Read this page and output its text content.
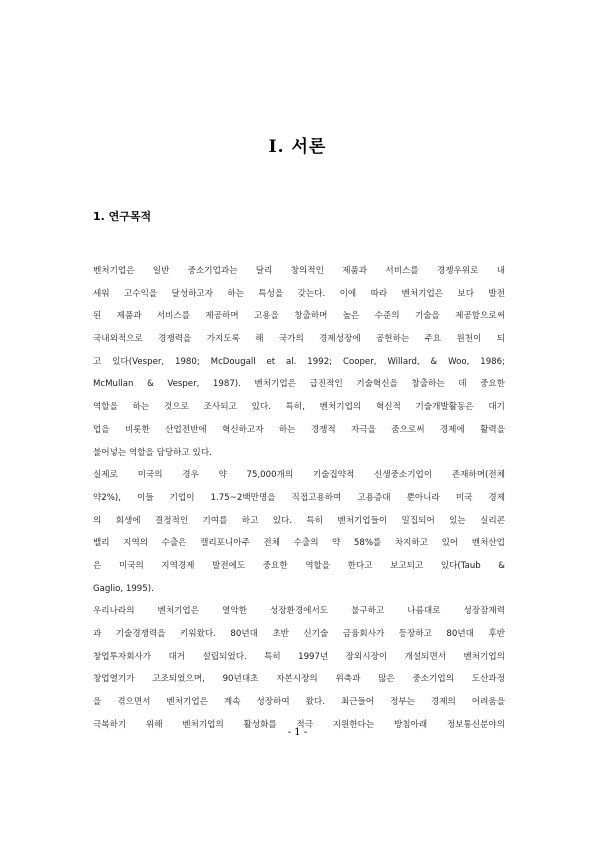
I. 서론
1. 연구목적
벤처기업은 일반 중소기업과는 달리 창의적인 제품과 서비스를 경쟁우위로 내
세워 고수익을 달성하고자 하는 특성을 갖는다. 이에 따라 벤처기업은 보다 발전
된 제품과 서비스를 제공하며 고용을 창출하며 높은 수준의 기술을 제공함으로써
국내외적으로 경쟁력을 가지도록 해 국가의 경제성장에 공헌하는 주요 원천이 되
고 있다(Vesper, 1980; McDougall et al. 1992; Cooper, Willard, & Woo, 1986;
McMullan & Vesper, 1987). 벤처기업은 급진적인 기술혁신을 창출하는 데 중요한
역할을 하는 것으로 조사되고 있다. 특히, 벤처기업의 혁신적 기술개발활동은 대기
업을 비롯한 산업전반에 혁신하고자 하는 경쟁적 자극을 줌으로써 경제에 활력을
불어넣는 역할을 담당하고 있다.
실제로 미국의 경우 약 75,000개의 기술집약적 신생중소기업이 존재하며(전체
약2%), 이들 기업이 1.75~2백만명을 직접고용하여 고용증대 뿐아니라 미국 경제
의 회생에 결정적인 기여를 하고 있다. 특히 벤처기업들이 밀집되어 있는 실리콘
밸리 지역의 수출은 캘리포니아주 전체 수출의 약 58%를 차지하고 있어 벤처산업
은 미국의 지역경제 발전에도 중요한 역할을 한다고 보고되고 있다(Taub &
Gaglio, 1995).
우리나라의 벤처기업은 열악한 성장환경에서도 불구하고 나름대로 성장잠재력
과 기술경쟁력을 키워왔다. 80년대 초반 신기술 금융회사가 등장하고 80년대 후반
창업투자회사가 대거 설립되었다. 특히 1997년 장외시장이 개설되면서 벤처기업의
창업열기가 고조되었으며, 90년대초 자본시장의 위축과 많은 중소기업의 도산과정
을 겪으면서 벤처기업은 계속 성장하여 왔다. 최근들어 정부는 경제의 어려움을
극복하기 위해 벤처기업의 활성화를 적극 지원한다는 방침아래 정보통신분야의
- 1 -
